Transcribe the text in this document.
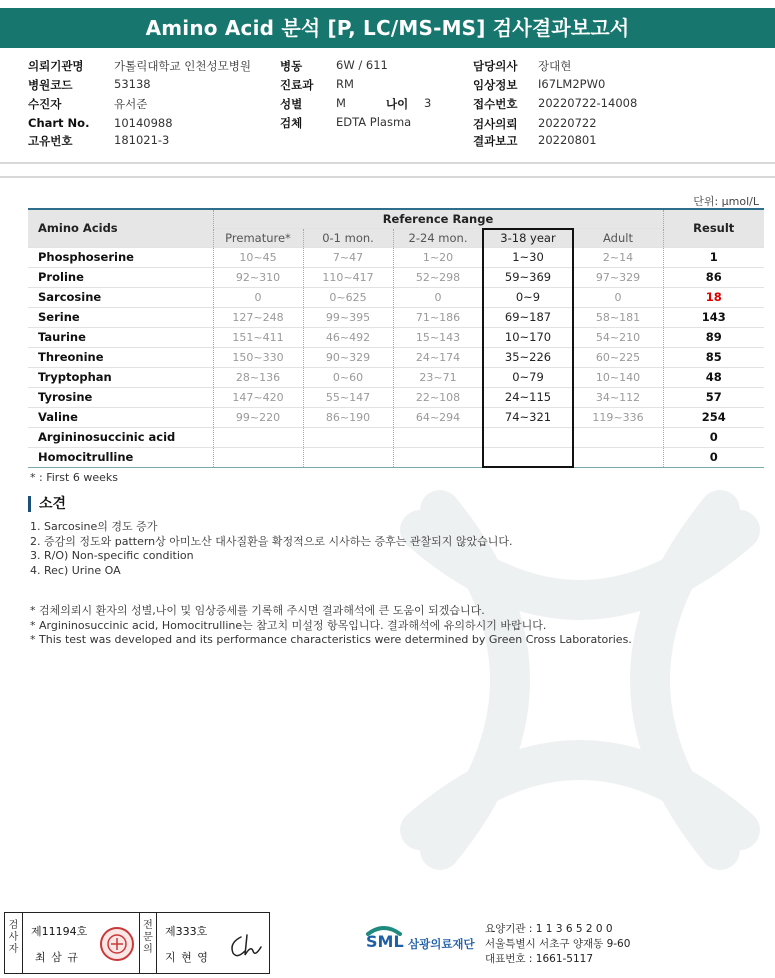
Amino Acid 분석 [P, LC/MS-MS] 검사결과보고서
의뢰기관명	가톨릭대학교 인천성모병원
병원코드	53138
수진자	유서준
Chart No. 10140988
고유번호	181021-3
병동	6W / 611
진료과 RM
성별	M	나이 3
검체	EDTA Plasma
담당의사 장대현
임상정보 I67LM2PW0
접수번호 20220722-14008
검사의뢰 20220722
결과보고 20220801
단위: μmol/L
Amino Acids	Reference Range					Result
	Premature*	0-1 mon.	2-24 mon.	3-18 year	Adult	
Phosphoserine	10~45	7~47	1~20	1~30	2~14	1
Proline	92~310	110~417	52~298	59~369	97~329	86
Sarcosine	0	0~625	0	0~9	0	18
Serine	127~248	99~395	71~186	69~187	58~181	143
Taurine	151~411	46~492	15~143	10~170	54~210	89
Threonine	150~330	90~329	24~174	35~226	60~225	85
Tryptophan	28~136	0~60	23~71	0~79	10~140	48
Tyrosine	147~420	55~147	22~108	24~115	34~112	57
Valine	99~220	86~190	64~294	74~321	119~336	254
Argininosuccinic acid						0
Homocitrulline						0
* : First 6 weeks
소견
1. Sarcosine의 경도 증가
2. 증감의 정도와 pattern상 아미노산 대사질환을 확정적으로 시사하는 증후는 관찰되지 않았습니다.
3. R/O) Non-specific condition
4. Rec) Urine OA
* 검체의뢰시 환자의 성별,나이 및 임상증세를 기록해 주시면 결과해석에 큰 도움이 되겠습니다.
* Argininosuccinic acid, Homocitrulline는 참고치 미설정 항목입니다. 결과해석에 유의하시기 바랍니다.
* This test was developed and its performance characteristics were determined by Green Cross Laboratories.
검
사
자
제11194호
최 삼 규
전
문
의
제333호
지 현 영
SML 삼광의료재단
요양기관 : 1 1 3 6 5 2 0 0
서울특별시 서초구 양재동 9-60
대표번호 : 1661-5117
